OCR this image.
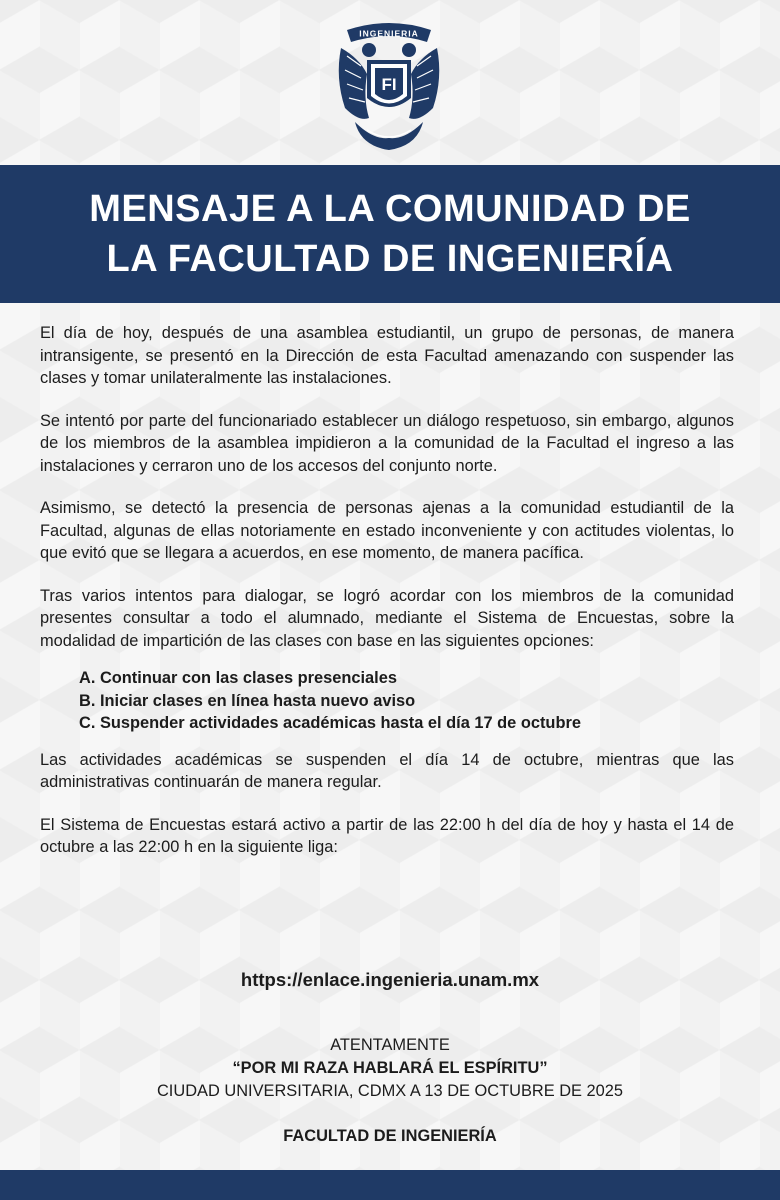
INGENIERIA
FI
MENSAJE A LA COMUNIDAD DE
LA FACULTAD DE INGENIERÍA

El día de hoy, después de una asamblea estudiantil, un grupo de personas, de manera intransigente, se presentó en la Dirección de esta Facultad amenazando con suspender las clases y tomar unilateralmente las instalaciones.

Se intentó por parte del funcionariado establecer un diálogo respetuoso, sin embargo, algunos de los miembros de la asamblea impidieron a la comunidad de la Facultad el ingreso a las instalaciones y cerraron uno de los accesos del conjunto norte.

Asimismo, se detectó la presencia de personas ajenas a la comunidad estudiantil de la Facultad, algunas de ellas notoriamente en estado inconveniente y con actitudes violentas, lo que evitó que se llegara a acuerdos, en ese momento, de manera pacífica.

Tras varios intentos para dialogar, se logró acordar con los miembros de la comunidad presentes consultar a todo el alumnado, mediante el Sistema de Encuestas, sobre la modalidad de impartición de las clases con base en las siguientes opciones:

A. Continuar con las clases presenciales
B. Iniciar clases en línea hasta nuevo aviso
C. Suspender actividades académicas hasta el día 17 de octubre

Las actividades académicas se suspenden el día 14 de octubre, mientras que las administrativas continuarán de manera regular.

El Sistema de Encuestas estará activo a partir de las 22:00 h del día de hoy y hasta el 14 de octubre a las 22:00 h en la siguiente liga:

https://enlace.ingenieria.unam.mx
ATENTAMENTE
“POR MI RAZA HABLARÁ EL ESPÍRITU”
CIUDAD UNIVERSITARIA, CDMX A 13 DE OCTUBRE DE 2025
FACULTAD DE INGENIERÍA
